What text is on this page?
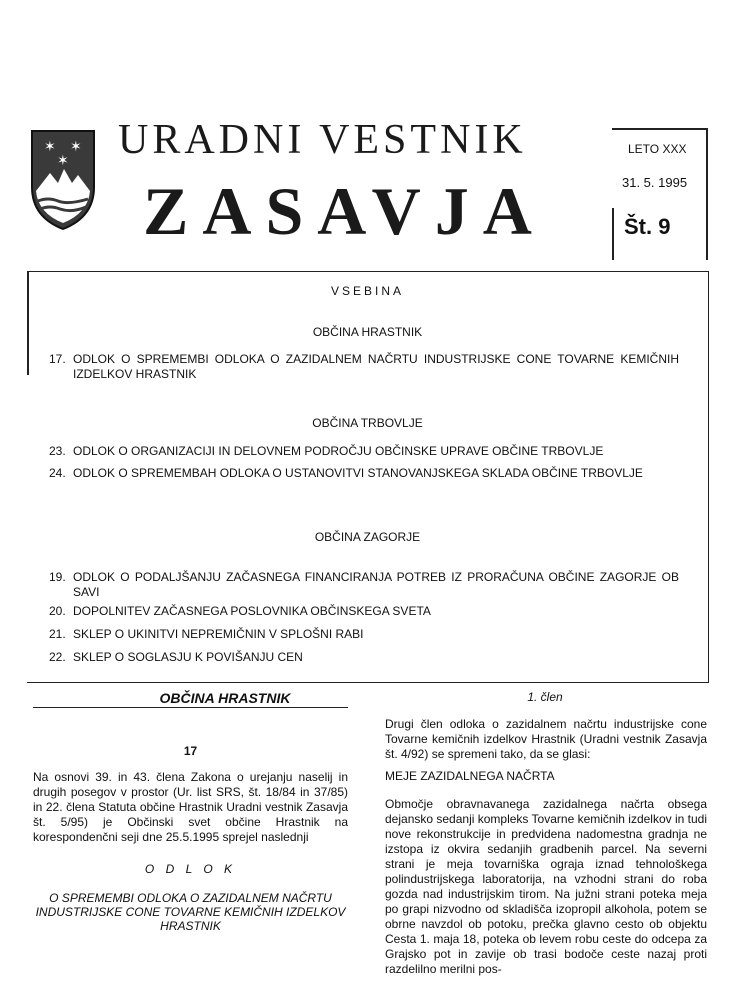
✶ ✶
✶ URADNI VESTNIK
ZASAVJA
LETO XXX
31. 5. 1995
Št. 9
VSEBINA
OBČINA HRASTNIK
17. ODLOK O SPREMEMBI ODLOKA O ZAZIDALNEM NAČRTU INDUSTRIJSKE CONE TOVARNE KEMIČNIH IZDELKOV HRASTNIK
OBČINA TRBOVLJE
23. ODLOK O ORGANIZACIJI IN DELOVNEM PODROČJU OBČINSKE UPRAVE OBČINE TRBOVLJE
24. ODLOK O SPREMEMBAH ODLOKA O USTANOVITVI STANOVANJSKEGA SKLADA OBČINE TRBOVLJE
OBČINA ZAGORJE
19. ODLOK O PODALJŠANJU ZAČASNEGA FINANCIRANJA POTREB IZ PRORAČUNA OBČINE ZAGORJE OB SAVI
20. DOPOLNITEV ZAČASNEGA POSLOVNIKA OBČINSKEGA SVETA
21. SKLEP O UKINITVI NEPREMIČNIN V SPLOŠNI RABI
22. SKLEP O SOGLASJU K POVIŠANJU CEN
OBČINA HRASTNIK
17
Na osnovi 39. in 43. člena Zakona o urejanju naselij in drugih posegov v prostor (Ur. list SRS, št. 18/84 in 37/85) in 22. člena Statuta občine Hrastnik Uradni vestnik Zasavja št. 5/95) je Občinski svet občine Hrastnik na korespondenčni seji dne 25.5.1995 sprejel naslednji
O D L O K
O SPREMEMBI ODLOKA O ZAZIDALNEM NAČRTU INDUSTRIJSKE CONE TOVARNE KEMIČNIH IZDELKOV HRASTNIK
1. člen
Drugi člen odloka o zazidalnem načrtu industrijske cone Tovarne kemičnih izdelkov Hrastnik (Uradni vestnik Zasavja št. 4/92) se spremeni tako, da se glasi:
MEJE ZAZIDALNEGA NAČRTA
Območje obravnavanega zazidalnega načrta obsega dejansko sedanji kompleks Tovarne kemičnih izdelkov in tudi nove rekonstrukcije in predvidena nadomestna gradnja ne izstopa iz okvira sedanjih gradbenih parcel. Na severni strani je meja tovarniška ograja iznad tehnološkega polindustrijskega laboratorija, na vzhodni strani do roba gozda nad industrijskim tirom. Na južni strani poteka meja po grapi nizvodno od skladišča izopropil alkohola, potem se obrne navzdol ob potoku, prečka glavno cesto ob objektu Cesta 1. maja 18, poteka ob levem robu ceste do odcepa za Grajsko pot in zavije ob trasi bodoče ceste nazaj proti razdelilno merilni pos-
